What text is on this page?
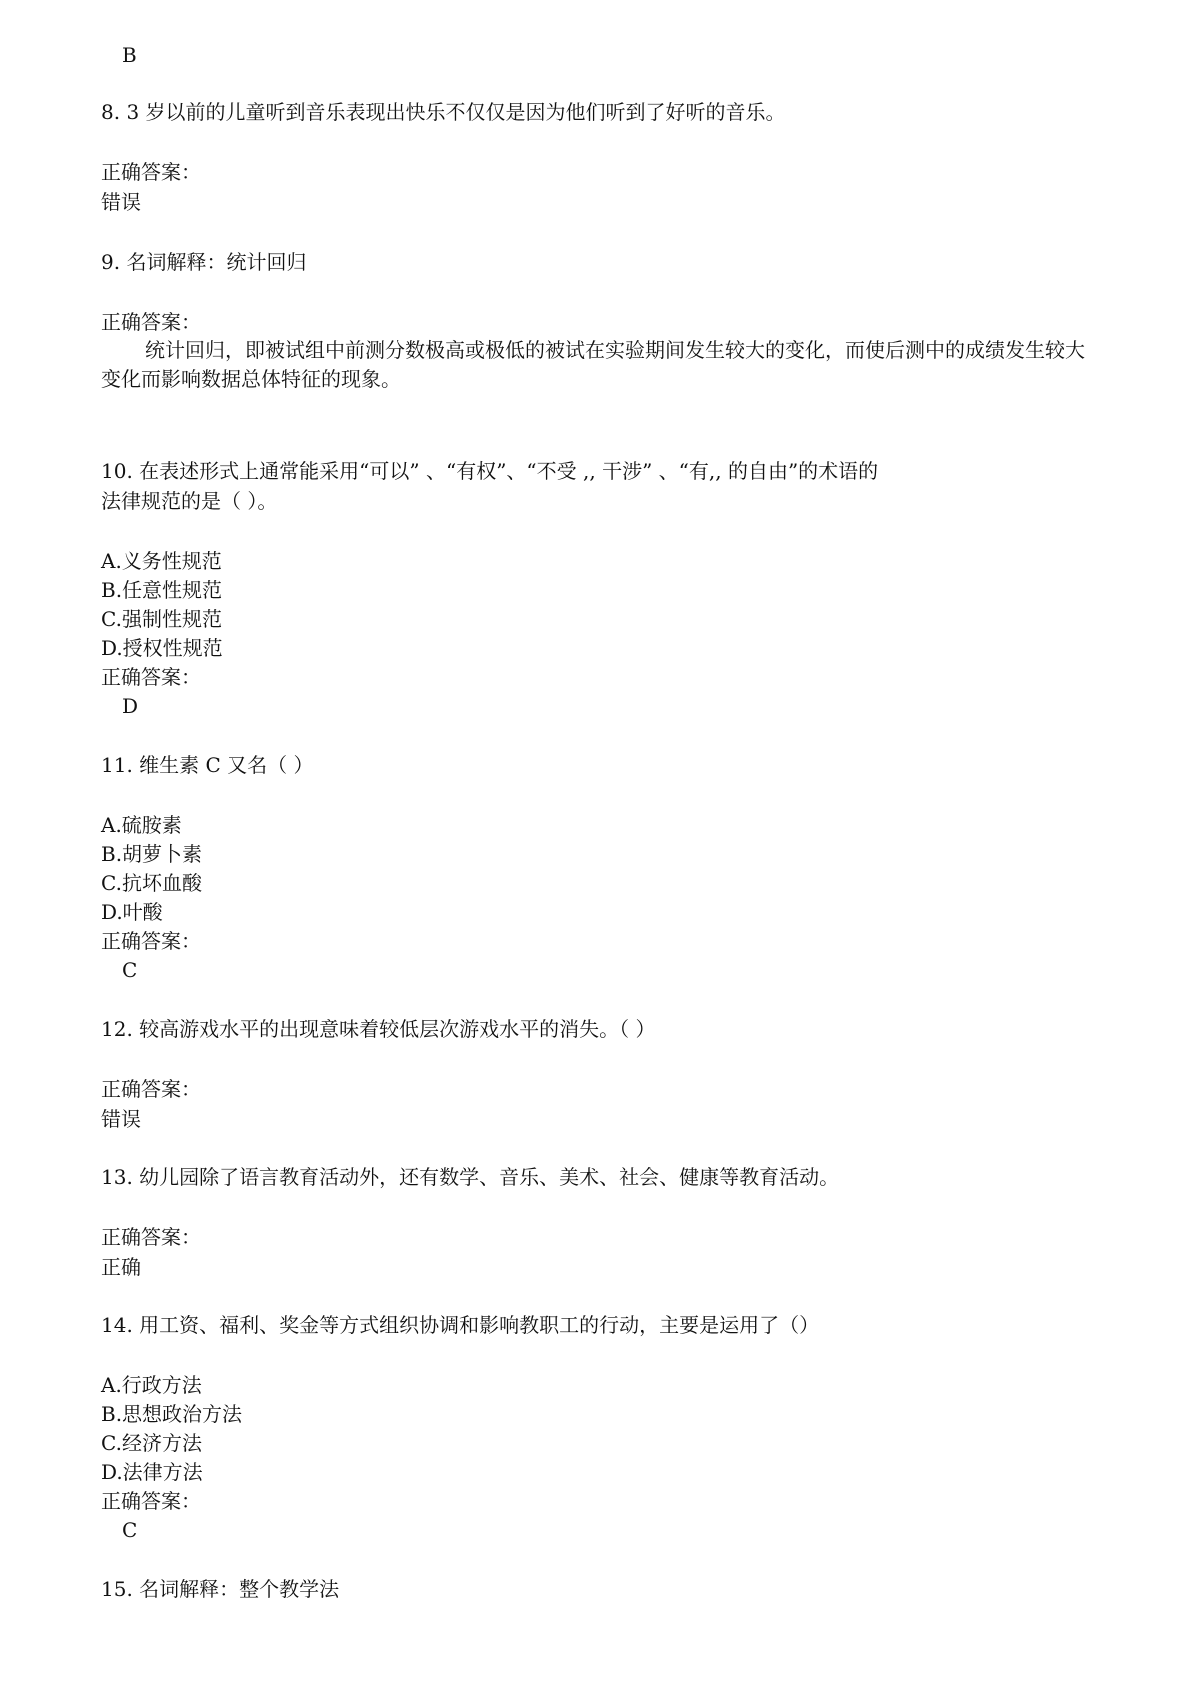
B
8. 3 岁以前的儿童听到音乐表现出快乐不仅仅是因为他们听到了好听的音乐。
正确答案：
错误
9. 名词解释：统计回归
正确答案：
统计回归，即被试组中前测分数极高或极低的被试在实验期间发生较大的变化，而使后测中的成绩发生较大变化而影响数据总体特征的现象。
10. 在表述形式上通常能采用“可以” 、“有权”、“不受 ,, 干涉” 、“有,, 的自由”的术语的
法律规范的是（ ）。
A.义务性规范
B.任意性规范
C.强制性规范
D.授权性规范
正确答案：
D
11. 维生素 C 又名（ ）
A.硫胺素
B.胡萝卜素
C.抗坏血酸
D.叶酸
正确答案：
C
12. 较高游戏水平的出现意味着较低层次游戏水平的消失。（ ）
正确答案：
错误
13. 幼儿园除了语言教育活动外，还有数学、音乐、美术、社会、健康等教育活动。
正确答案：
正确
14. 用工资、福利、奖金等方式组织协调和影响教职工的行动，主要是运用了（）
A.行政方法
B.思想政治方法
C.经济方法
D.法律方法
正确答案：
C
15. 名词解释：整个教学法
